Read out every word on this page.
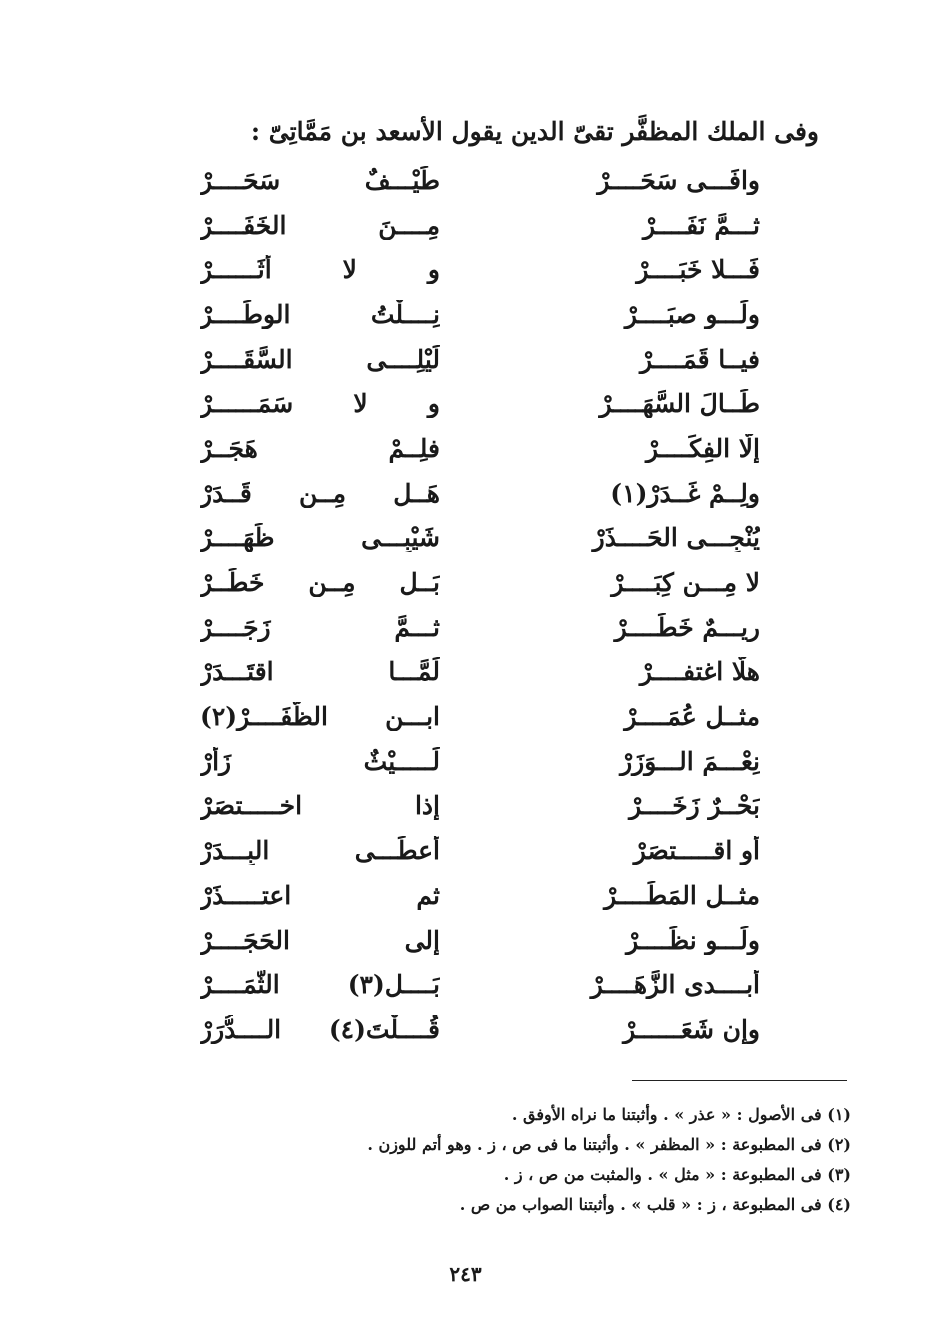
وفى الملك المظفَّر تقىّ الدين يقول الأسعد بن مَمَّاتِىّ :
وافَـــى سَحَــــرْ
طَيْـــفٌ سَحَــــرْ
ثـــمَّ نَفَــــرْ
مِــــنَ الخَفَــــرْ
فَـــلا خَبَــــرْ
و لا أَثَــــــرْ
ولَـــو صبَــــرْ
نِــــلْتُ الوطَــــرْ
فيــا قَمَــــرْ
لَيْلِــــى السَّقَــــرْ
طَــالَ السَّهَــــرْ
و لا سَمَــــــرْ
إلَّا الفِكَــــرْ
فلِــمْ هَجَــرْ
ولِــمْ غَــدَرْ(١)
هَــل مِــن قَــدَرْ
يُنْجِـــى الحَــــذَرْ
شَيْبِـــى ظَهَــــرْ
لا مِـــن كِبَــــرْ
بَــل مِــن خَطَــرْ
رِيـــمٌ خَطَــــرْ
ثـــمَّ زَجَــــرْ
هلَّا اغتفــــرْ
لَمَّـــا اقتَـــدَرْ
مثــل عُمَــــرْ
ابـــن الظَّفَــــرْ(٢)
نِعْـــمَ الـــوَزَرْ
لَـــــيْثٌ زَأَرْ
بَحْــرٌ زَخَــــرْ
إذا اخـــــتصَرْ
أو اقـــــتصَرْ
أعطَـــى البِـــدَرْ
مثــل المَطَــــرْ
ثم اعتـــــذَرْ
ولَـــو نظَــــرْ
إلى الحَجَــــرْ
أبــــدى الزَّهَــــرْ
بَــــل(٣) الثَّمَــــرْ
وإن شَعَــــــرْ
قُــــلْتَ(٤) الــــدُّرَرْ
(١) فى الأصول : « عذر » . وأثبتنا ما نراه الأوفق .
(٢) فى المطبوعة : « المظفر » . وأثبتنا ما فى ص ، ز . وهو أتم للوزن .
(٣) فى المطبوعة : « مثل » . والمثبت من ص ، ز .
(٤) فى المطبوعة ، ز : « قلب » . وأثبتنا الصواب من ص .
٢٤٣
